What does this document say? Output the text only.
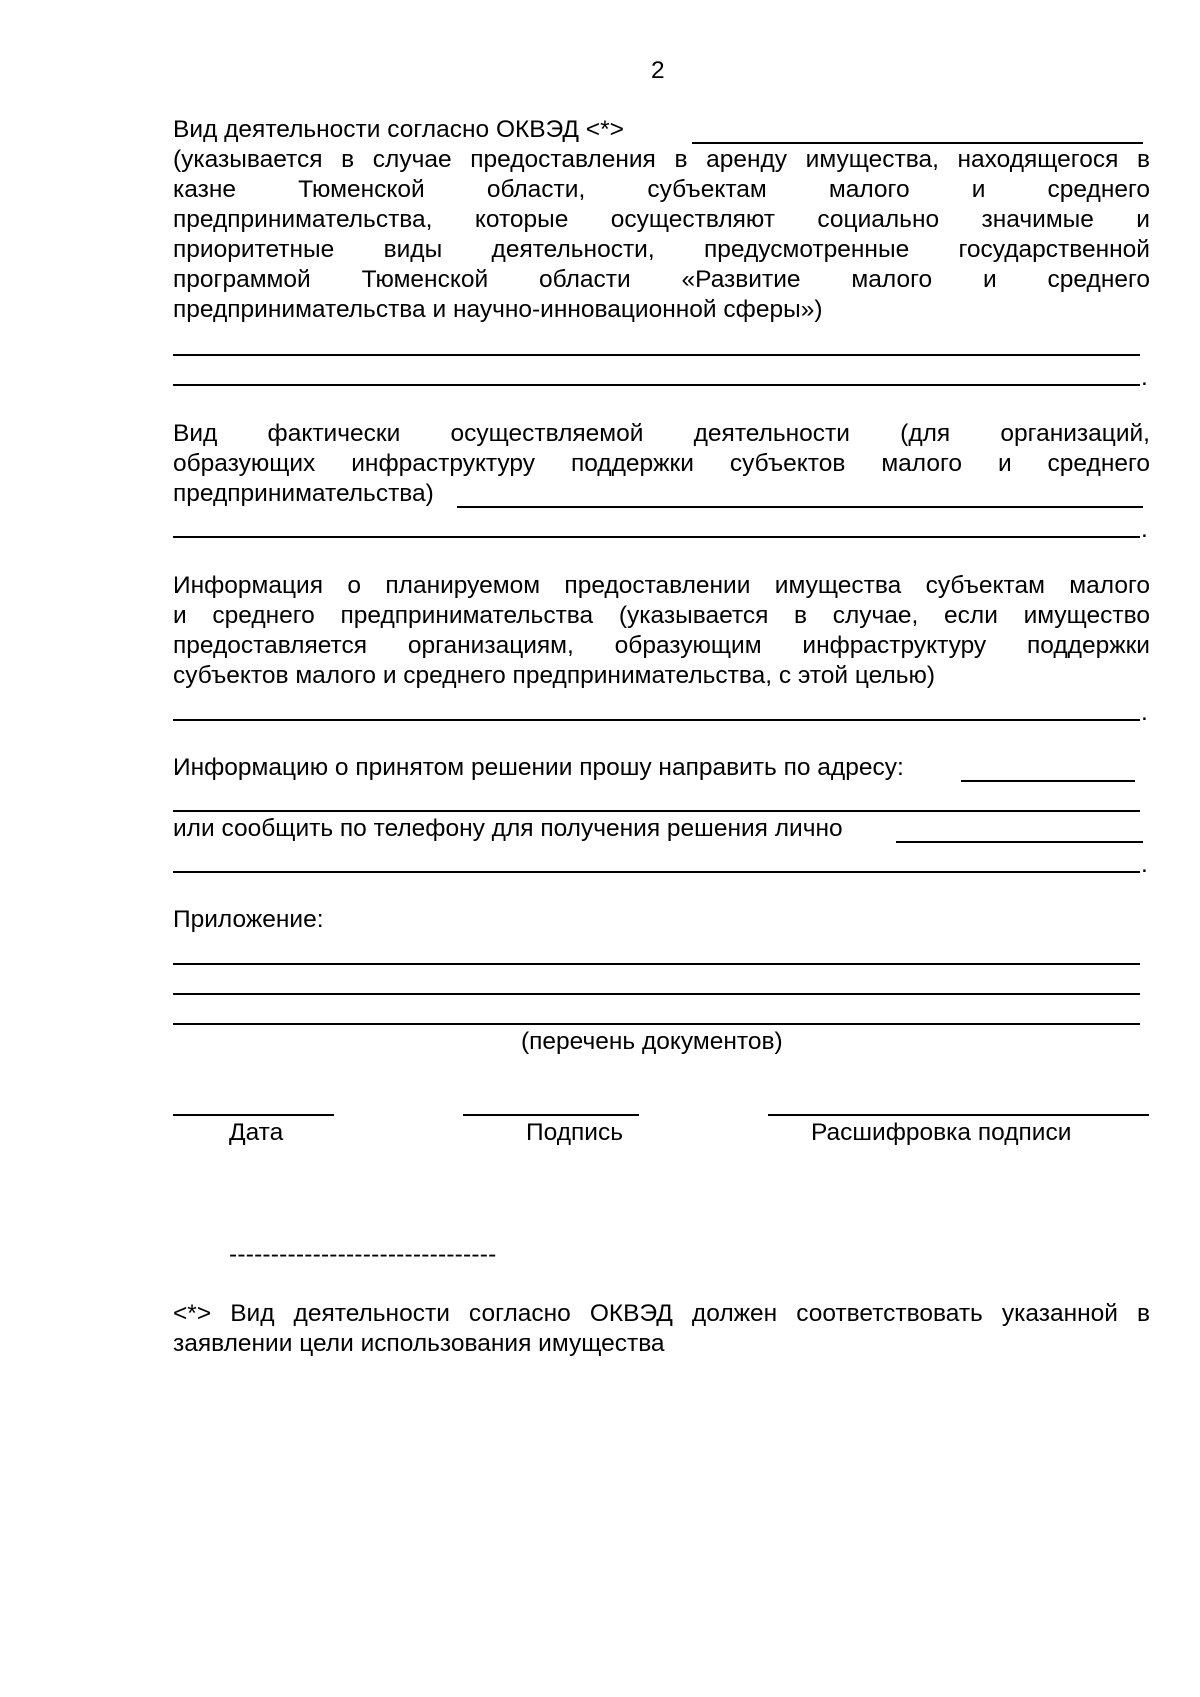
2
Вид деятельности согласно ОКВЭД <*>
(указывается в случае предоставления в аренду имущества, находящегося в
казне Тюменской области, субъектам малого и среднего
предпринимательства, которые осуществляют социально значимые и
приоритетные виды деятельности, предусмотренные государственной
программой Тюменской области «Развитие малого и среднего
предпринимательства и научно-инновационной сферы»)
.
Вид фактически осуществляемой деятельности (для организаций,
образующих инфраструктуру поддержки субъектов малого и среднего
предпринимательства)
.
Информация о планируемом предоставлении имущества субъектам малого
и среднего предпринимательства (указывается в случае, если имущество
предоставляется организациям, образующим инфраструктуру поддержки
субъектов малого и среднего предпринимательства, с этой целью)
.
Информацию о принятом решении прошу направить по адресу:
или сообщить по телефону для получения решения лично
.
Приложение:
(перечень документов)
Дата	Подпись	Расшифровка подписи
--------------------------------
<*> Вид деятельности согласно ОКВЭД должен соответствовать указанной в
заявлении цели использования имущества
